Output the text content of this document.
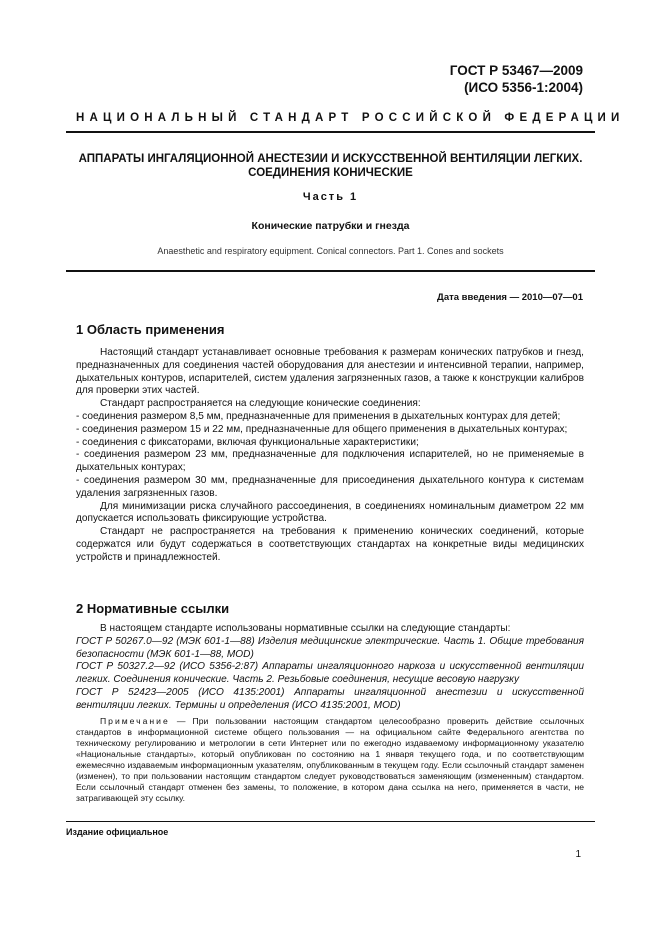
ГОСТ Р 53467—2009
(ИСО 5356-1:2004)
НАЦИОНАЛЬНЫЙ СТАНДАРТ РОССИЙСКОЙ ФЕДЕРАЦИИ
АППАРАТЫ ИНГАЛЯЦИОННОЙ АНЕСТЕЗИИ И ИСКУССТВЕННОЙ ВЕНТИЛЯЦИИ ЛЕГКИХ.
СОЕДИНЕНИЯ КОНИЧЕСКИЕ
Часть 1
Конические патрубки и гнезда
Anaesthetic and respiratory equipment. Conical connectors. Part 1. Cones and sockets
Дата введения — 2010—07—01
1 Область применения

Настоящий стандарт устанавливает основные требования к размерам конических патрубков и гнезд, предназначенных для соединения частей оборудования для анестезии и интенсивной терапии, например, дыхательных контуров, испарителей, систем удаления загрязненных газов, а также к конструкции калибров для проверки этих частей.

Стандарт распространяется на следующие конические соединения:

- соединения размером 8,5 мм, предназначенные для применения в дыхательных контурах для детей;

- соединения размером 15 и 22 мм, предназначенные для общего применения в дыхательных контурах;

- соединения с фиксаторами, включая функциональные характеристики;

- соединения размером 23 мм, предназначенные для подключения испарителей, но не применяемые в дыхательных контурах;

- соединения размером 30 мм, предназначенные для присоединения дыхательного контура к системам удаления загрязненных газов.

Для минимизации риска случайного рассоединения, в соединениях номинальным диаметром 22 мм допускается использовать фиксирующие устройства.

Стандарт не распространяется на требования к применению конических соединений, которые содержатся или будут содержаться в соответствующих стандартах на конкретные виды медицинских устройств и принадлежностей.

2 Нормативные ссылки

В настоящем стандарте использованы нормативные ссылки на следующие стандарты:

ГОСТ Р 50267.0—92 (МЭК 601-1—88) Изделия медицинские электрические. Часть 1. Общие требования безопасности (МЭК 601-1—88, MOD)

ГОСТ Р 50327.2—92 (ИСО 5356-2:87) Аппараты ингаляционного наркоза и искусственной вентиляции легких. Соединения конические. Часть 2. Резьбовые соединения, несущие весовую нагрузку

ГОСТ Р 52423—2005 (ИСО 4135:2001) Аппараты ингаляционной анестезии и искусственной вентиляции легких. Термины и определения (ИСО 4135:2001, MOD)

Примечание — При пользовании настоящим стандартом целесообразно проверить действие ссылочных стандартов в информационной системе общего пользования — на официальном сайте Федерального агентства по техническому регулированию и метрологии в сети Интернет или по ежегодно издаваемому информационному указателю «Национальные стандарты», который опубликован по состоянию на 1 января текущего года, и по соответствующим ежемесячно издаваемым информационным указателям, опубликованным в текущем году. Если ссылочный стандарт заменен (изменен), то при пользовании настоящим стандартом следует руководствоваться заменяющим (измененным) стандартом. Если ссылочный стандарт отменен без замены, то положение, в котором дана ссылка на него, применяется в части, не затрагивающей эту ссылку.
Издание официальное
1
